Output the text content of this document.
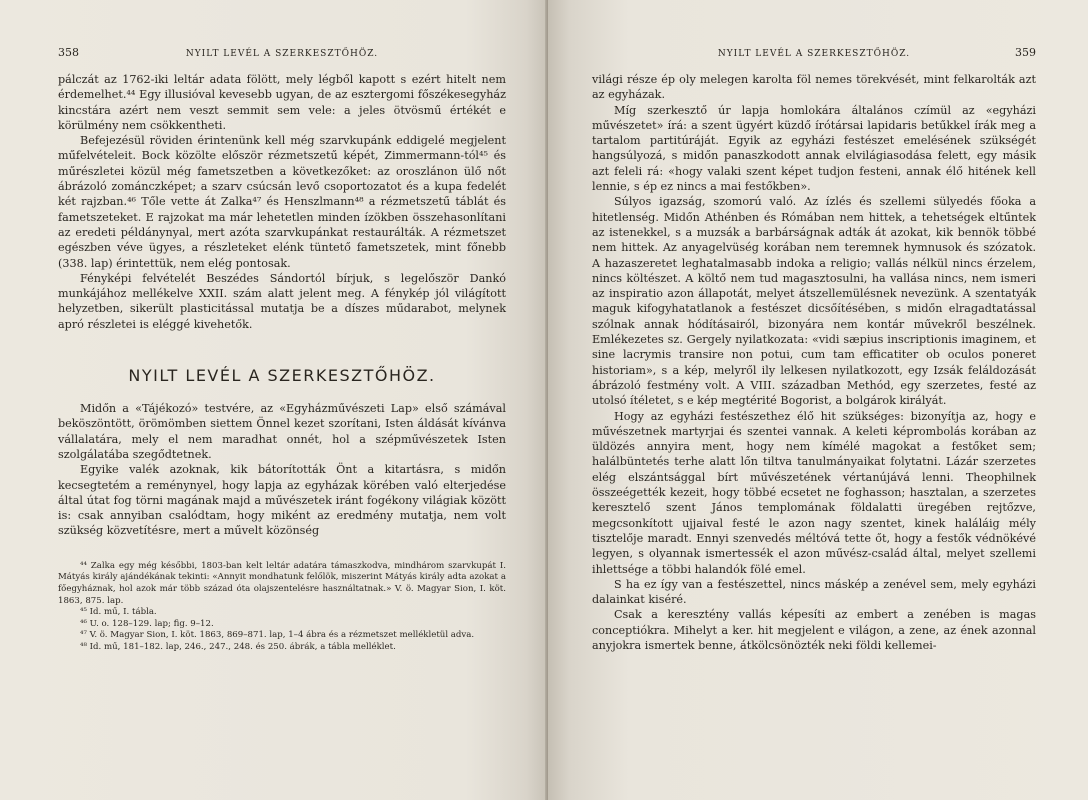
358	NYILT LEVÉL A SZERKESZTŐHÖZ.

pálczát az 1762-iki leltár adata fölött, mely légből kapott s ezért hitelt nem érdemelhet.⁴⁴ Egy illusióval kevesebb ugyan, de az esztergomi főszékesegyház kincstára azért nem veszt semmit sem vele: a jeles ötvösmű értékét e körülmény nem csökkentheti.

Befejezésül röviden érintenünk kell még szarvkupánk eddigelé megjelent műfelvételeit. Bock közölte először rézmetszetű képét, Zimmermann-tól⁴⁵ és műrészletei közül még fametszetben a következőket: az oroszlánon ülő nőt ábrázoló zománczképet; a szarv csúcsán levő csoportozatot és a kupa fedelét két rajzban.⁴⁶ Tőle vette át Zalka⁴⁷ és Henszlmann⁴⁸ a rézmetszetű táblát és fametszeteket. E rajzokat ma már lehetetlen minden ízökben összehasonlítani az eredeti példánynyal, mert azóta szarvkupánkat restaurálták. A rézmetszet egészben véve ügyes, a részleteket elénk tüntető fametszetek, mint főnebb (338. lap) érintettük, nem elég pontosak.

Fényképi felvételét Beszédes Sándortól bírjuk, s legelőször Dankó munkájához mellékelve XXII. szám alatt jelent meg. A fénykép jól világított helyzetben, sikerült plasticitással mutatja be a díszes műdarabot, melynek apró részletei is eléggé kivehetők.

NYILT LEVÉL A SZERKESZTŐHÖZ.

Midőn a «Tájékozó» testvére, az «Egyházművészeti Lap» első számával beköszöntött, örömömben siettem Önnel kezet szorítani, Isten áldását kívánva vállalatára, mely el nem maradhat onnét, hol a szépművészetek Isten szolgálatába szegődtetnek.

Egyike valék azoknak, kik bátorították Önt a kitartásra, s midőn kecsegtetém a reménynyel, hogy lapja az egyházak körében való elterjedése által útat fog törni magának majd a művészetek iránt fogékony világiak között is: csak annyiban csalódtam, hogy miként az eredmény mutatja, nem volt szükség közvetítésre, mert a művelt közönség

⁴⁴ Zalka egy még későbbi, 1803-ban kelt leltár adatára támaszkodva, mindhárom szarvkupát I. Mátyás király ajándékának tekinti: «Annyit mondhatunk felőlök, miszerint Mátyás király adta azokat a főegyháznak, hol azok már több század óta olajszentelésre használtatnak.» V. ö. Magyar Sion, I. köt. 1863, 875. lap.

⁴⁵ Id. mű, I. tábla.

⁴⁶ U. o. 128–129. lap; fig. 9–12.

⁴⁷ V. ö. Magyar Sion, I. köt. 1863, 869–871. lap, 1–4 ábra és a rézmetszet mellékletül adva.

⁴⁸ Id. mű, 181–182. lap, 246., 247., 248. és 250. ábrák, a tábla melléklet.

NYILT LEVÉL A SZERKESZTŐHÖZ.	359

világi része ép oly melegen karolta föl nemes törekvését, mint felkarolták azt az egyházak.

Míg szerkesztő úr lapja homlokára általános czímül az «egyházi művészetet» írá: a szent ügyért küzdő írótársai lapidaris betűkkel írák meg a tartalom partitúráját. Egyik az egyházi festészet emelésének szükségét hangsúlyozá, s midőn panaszkodott annak elvilágiasodása felett, egy másik azt feleli rá: «hogy valaki szent képet tudjon festeni, annak élő hitének kell lennie, s ép ez nincs a mai festőkben».

Súlyos igazság, szomorú való. Az ízlés és szellemi sülyedés főoka a hitetlenség. Midőn Athénben és Rómában nem hittek, a tehetségek eltűntek az istenekkel, s a muzsák a barbárságnak adták át azokat, kik bennök többé nem hittek. Az anyagelvüség korában nem teremnek hymnusok és szózatok. A hazaszeretet leghatalmasabb indoka a religio; vallás nélkül nincs érzelem, nincs költészet. A költő nem tud magasztosulni, ha vallása nincs, nem ismeri az inspiratio azon állapotát, melyet átszellemülésnek nevezünk. A szentatyák maguk kifogyhatatlanok a festészet dicsőítésében, s midőn elragadtatással szólnak annak hódításairól, bizonyára nem kontár művekről beszélnek. Emlékezetes sz. Gergely nyilatkozata: «vidi sæpius inscriptionis imaginem, et sine lacrymis transire non potui, cum tam efficatiter ob oculos poneret historiam», s a kép, melyről ily lelkesen nyilatkozott, egy Izsák feláldozását ábrázoló festmény volt. A VIII. században Methód, egy szerzetes, festé az utolsó ítéletet, s e kép megtérité Bogorist, a bolgárok királyát.

Hogy az egyházi festészethez élő hit szükséges: bizonyítja az, hogy e művészetnek martyrjai és szentei vannak. A keleti képrombolás korában az üldözés annyira ment, hogy nem kímélé magokat a festőket sem; halálbüntetés terhe alatt lőn tiltva tanulmányaikat folytatni. Lázár szerzetes elég elszántsággal bírt művészetének vértanújává lenni. Theophilnek összeégették kezeit, hogy többé ecsetet ne foghasson; hasztalan, a szerzetes keresztelő szent János templomának földalatti üregében rejtőzve, megcsonkított ujjaival festé le azon nagy szentet, kinek haláláig mély tisztelője maradt. Ennyi szenvedés méltóvá tette őt, hogy a festők védnökévé legyen, s olyannak ismertessék el azon művész-család által, melyet szellemi ihlettsége a többi halandók fölé emel.

S ha ez így van a festészettel, nincs máskép a zenével sem, mely egyházi dalainkat kiséré.

Csak a keresztény vallás képesíti az embert a zenében is magas conceptiókra. Mihelyt a ker. hit megjelent e világon, a zene, az ének azonnal anyjokra ismertek benne, átkölcsönözték neki földi kellemei-
